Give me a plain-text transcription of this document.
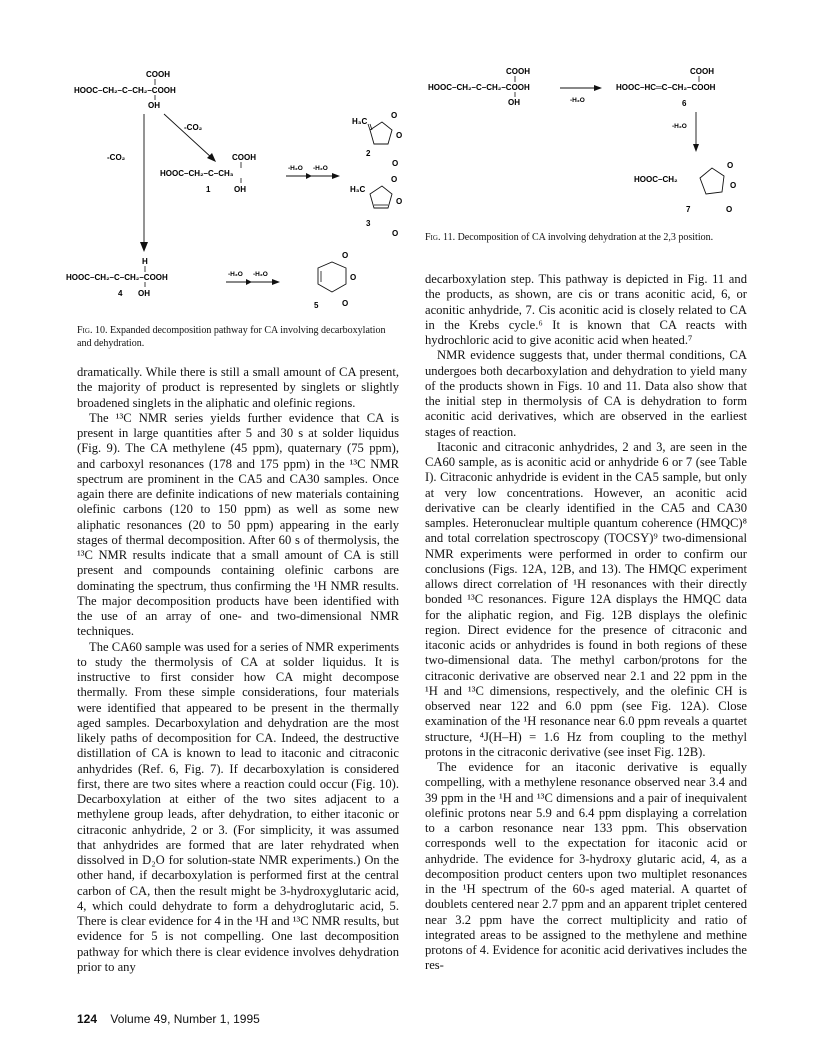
COOH
HOOC–CH₂–C–CH₂–COOH
OH
-CO₂
-CO₂
COOH
HOOC–CH₂–C–CH₃
OH
1
-H₂O -H₂O
H₃C
O
O
O
2
H₃C
O
O
O
3
H
HOOC–CH₂–C–CH₂–COOH
OH
4
-H₂O -H₂O
O
O
O
5
Fig. 10. Expanded decomposition pathway for CA involving decarboxylation and dehydration.
COOH
HOOC–CH₂–C–CH₂–COOH
OH	-H₂O
COOH
HOOC–HC═C–CH₂–COOH
6
-H₂O
HOOC–CH₂
O
O
O
7
Fig. 11. Decomposition of CA involving dehydration at the 2,3 position.

dramatically. While there is still a small amount of CA present, the majority of product is represented by singlets or slightly broadened singlets in the aliphatic and olefinic regions.

The ¹³C NMR series yields further evidence that CA is present in large quantities after 5 and 30 s at solder liquidus (Fig. 9). The CA methylene (45 ppm), quaternary (75 ppm), and carboxyl resonances (178 and 175 ppm) in the ¹³C NMR spectrum are prominent in the CA5 and CA30 samples. Once again there are definite indications of new materials containing olefinic carbons (120 to 150 ppm) as well as some new aliphatic resonances (20 to 50 ppm) appearing in the early stages of thermal decomposition. After 60 s of thermolysis, the ¹³C NMR results indicate that a small amount of CA is still present and compounds containing olefinic carbons are dominating the spectrum, thus confirming the ¹H NMR results. The major decomposition products have been identified with the use of an array of one- and two-dimensional NMR techniques.

The CA60 sample was used for a series of NMR experiments to study the thermolysis of CA at solder liquidus. It is instructive to first consider how CA might decompose thermally. From these simple considerations, four materials were identified that appeared to be present in the thermally aged samples. Decarboxylation and dehydration are the most likely paths of decomposition for CA. Indeed, the destructive distillation of CA is known to lead to itaconic and citraconic anhydrides (Ref. 6, Fig. 7). If decarboxylation is considered first, there are two sites where a reaction could occur (Fig. 10). Decarboxylation at either of the two sites adjacent to a methylene group leads, after dehydration, to either itaconic or citraconic anhydride, 2 or 3. (For simplicity, it was assumed that anhydrides are formed that are later rehydrated when dissolved in D₂O for solution-state NMR experiments.) On the other hand, if decarboxylation is performed first at the central carbon of CA, then the result might be 3-hydroxyglutaric acid, 4, which could dehydrate to form a dehydroglutaric acid, 5. There is clear evidence for 4 in the ¹H and ¹³C NMR results, but evidence for 5 is not compelling. One last decomposition pathway for which there is clear evidence involves dehydration prior to any

decarboxylation step. This pathway is depicted in Fig. 11 and the products, as shown, are cis or trans aconitic acid, 6, or aconitic anhydride, 7. Cis aconitic acid is closely related to CA in the Krebs cycle.⁶ It is known that CA reacts with hydrochloric acid to give aconitic acid when heated.⁷

NMR evidence suggests that, under thermal conditions, CA undergoes both decarboxylation and dehydration to yield many of the products shown in Figs. 10 and 11. Data also show that the initial step in thermolysis of CA is dehydration to form aconitic acid derivatives, which are observed in the earliest stages of reaction.

Itaconic and citraconic anhydrides, 2 and 3, are seen in the CA60 sample, as is aconitic acid or anhydride 6 or 7 (see Table I). Citraconic anhydride is evident in the CA5 sample, but only at very low concentrations. However, an aconitic acid derivative can be clearly identified in the CA5 and CA30 samples. Heteronuclear multiple quantum coherence (HMQC)⁸ and total correlation spectroscopy (TOCSY)⁹ two-dimensional NMR experiments were performed in order to confirm our conclusions (Figs. 12A, 12B, and 13). The HMQC experiment allows direct correlation of ¹H resonances with their directly bonded ¹³C resonances. Figure 12A displays the HMQC data for the aliphatic region, and Fig. 12B displays the olefinic region. Direct evidence for the presence of citraconic and itaconic acids or anhydrides is found in both regions of these two-dimensional data. The methyl carbon/protons for the citraconic derivative are observed near 2.1 and 22 ppm in the ¹H and ¹³C dimensions, respectively, and the olefinic CH is observed near 122 and 6.0 ppm (see Fig. 12A). Close examination of the ¹H resonance near 6.0 ppm reveals a quartet structure, ⁴J(H–H) = 1.6 Hz from coupling to the methyl protons in the citraconic derivative (see inset Fig. 12B).

The evidence for an itaconic derivative is equally compelling, with a methylene resonance observed near 3.4 and 39 ppm in the ¹H and ¹³C dimensions and a pair of inequivalent olefinic protons near 5.9 and 6.4 ppm displaying a correlation to a carbon resonance near 133 ppm. This observation corresponds well to the expectation for itaconic acid or anhydride. The evidence for 3-hydroxy glutaric acid, 4, as a decomposition product centers upon two multiplet resonances in the ¹H spectrum of the 60-s aged material. A quartet of doublets centered near 2.7 ppm and an apparent triplet centered near 3.2 ppm have the correct multiplicity and ratio of integrated areas to be assigned to the methylene and methine protons of 4. Evidence for aconitic acid derivatives includes the res-

124 Volume 49, Number 1, 1995
